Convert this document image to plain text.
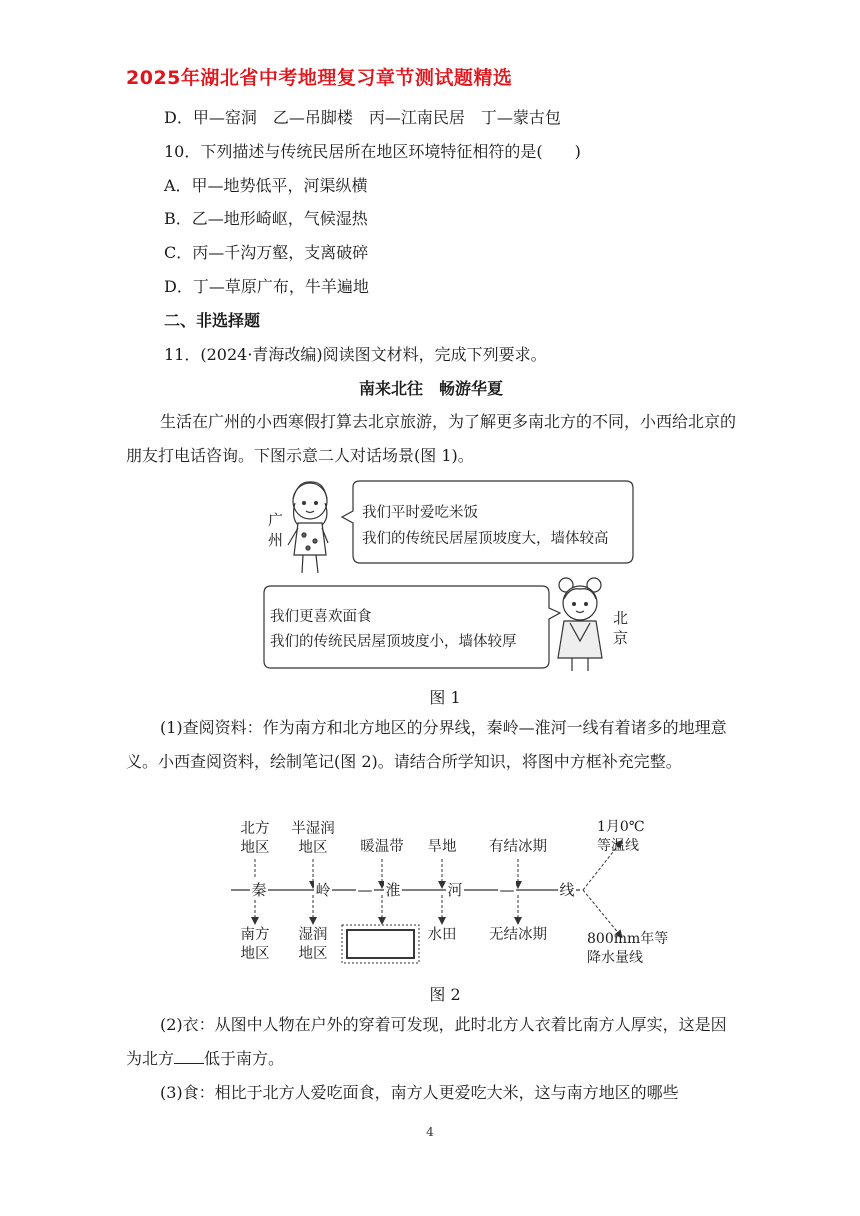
2025年湖北省中考地理复习章节测试题精选
D．甲—窑洞　乙—吊脚楼　丙—江南民居　丁—蒙古包
10．下列描述与传统民居所在地区环境特征相符的是(　　)
A．甲—地势低平，河渠纵横
B．乙—地形崎岖，气候湿热
C．丙—千沟万壑，支离破碎
D．丁—草原广布，牛羊遍地
二、非选择题
11．(2024·青海改编)阅读图文材料，完成下列要求。
南来北往　畅游华夏
生活在广州的小西寒假打算去北京旅游，为了解更多南北方的不同，小西给北京的朋友打电话咨询。下图示意二人对话场景(图 1)。
广
州
我们平时爱吃米饭
我们的传统民居屋顶坡度大，墙体较高
我们更喜欢面食
我们的传统民居屋顶坡度小，墙体较厚
北
京
图 1
(1)查阅资料：作为南方和北方地区的分界线，秦岭—淮河一线有着诸多的地理意义。小西查阅资料，绘制笔记(图 2)。请结合所学知识，将图中方框补充完整。
北方
地区
半湿润
地区 暖温带 旱地 有结冰期
南方
地区
湿润
地区
水田 无结冰期
秦	岭 — 淮	河 —	线
1月0℃
等温线
800mm年等
降水量线
图 2
(2)衣：从图中人物在户外的穿着可发现，此时北方人衣着比南方人厚实，这是因为北方 低于南方。
(3)食：相比于北方人爱吃面食，南方人更爱吃大米，这与南方地区的哪些
4
